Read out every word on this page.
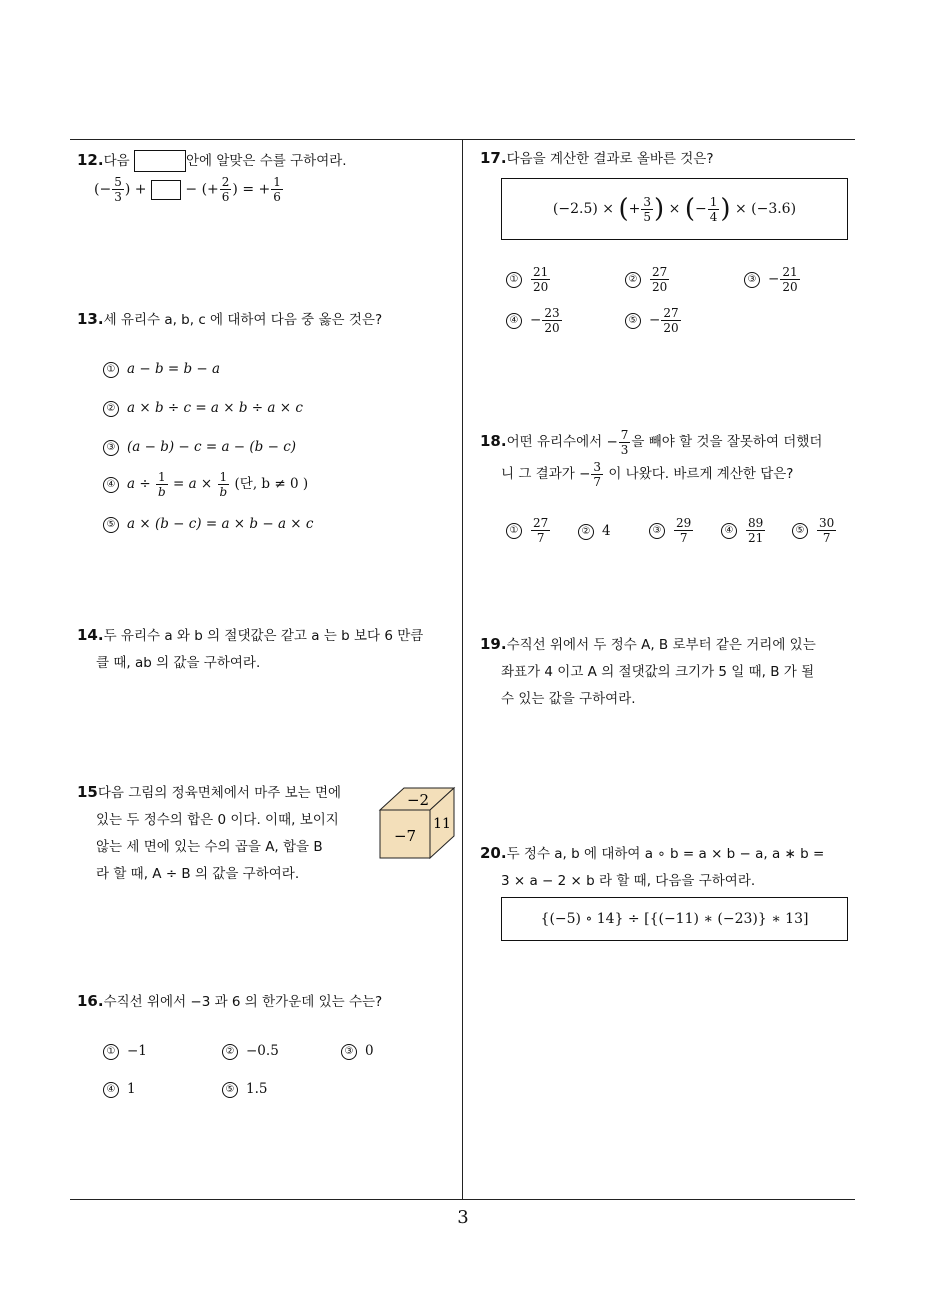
12.다음	안에 알맞은 수를 구하여라.
(− $\frac{5}{3}$ ) +  − (+ $\frac{2}{6}$ ) = + $\frac{1}{6}$
13.세 유리수 a, b, c 에 대하여 다음 중 옳은 것은?
① a − b = b − a
② a × b ÷ c = a × b ÷ a × c
③ (a − b) − c = a − (b − c)
④ $a \div \frac{1}{b} = a \times \frac{1}{b}$ (단, b ≠ 0 )
⑤ a × (b − c) = a × b − a × c
14.두 유리수 a 와 b 의 절댓값은 같고 a 는 b 보다 6 만큼
클 때, ab 의 값을 구하여라.
15다음 그림의 정육면체에서 마주 보는 면에
있는 두 정수의 합은 0 이다. 이때, 보이지
않는 세 면에 있는 수의 곱을 A, 합을 B
라 할 때, A ÷ B 의 값을 구하여라.
−2
−7
11
16.수직선 위에서 −3 과 6 의 한가운데 있는 수는?
① −1	② −0.5	③ 0
④ 1	⑤ 1.5
17.다음을 계산한 결과로 올바른 것은?
(−2.5) ×
( + $\frac{3}{5}$ )
×
( − $\frac{1}{4}$ )
× (−3.6)
① $\frac{21}{20}$	② $\frac{27}{20}$	③ − $\frac{21}{20}$
④ − $\frac{23}{20}$	⑤ − $\frac{27}{20}$
18.어떤 유리수에서 − $\frac{7}{3}$ 을 빼야 할 것을 잘못하여 더했더
니 그 결과가 − $\frac{3}{7}$ 이 나왔다. 바르게 계산한 답은?
① $\frac{27}{7}$	② 4	③ $\frac{29}{7}$	④ $\frac{89}{21}$	⑤ $\frac{30}{7}$
19.수직선 위에서 두 정수 A, B 로부터 같은 거리에 있는
좌표가 4 이고 A 의 절댓값의 크기가 5 일 때, B 가 될
수 있는 값을 구하여라.
20.두 정수 a, b 에 대하여 a ∘ b = a × b − a, a ∗ b =
3 × a − 2 × b 라 할 때, 다음을 구하여라.
{(−5) ∘ 14} ÷ [{(−11) ∗ (−23)} ∗ 13]
3
